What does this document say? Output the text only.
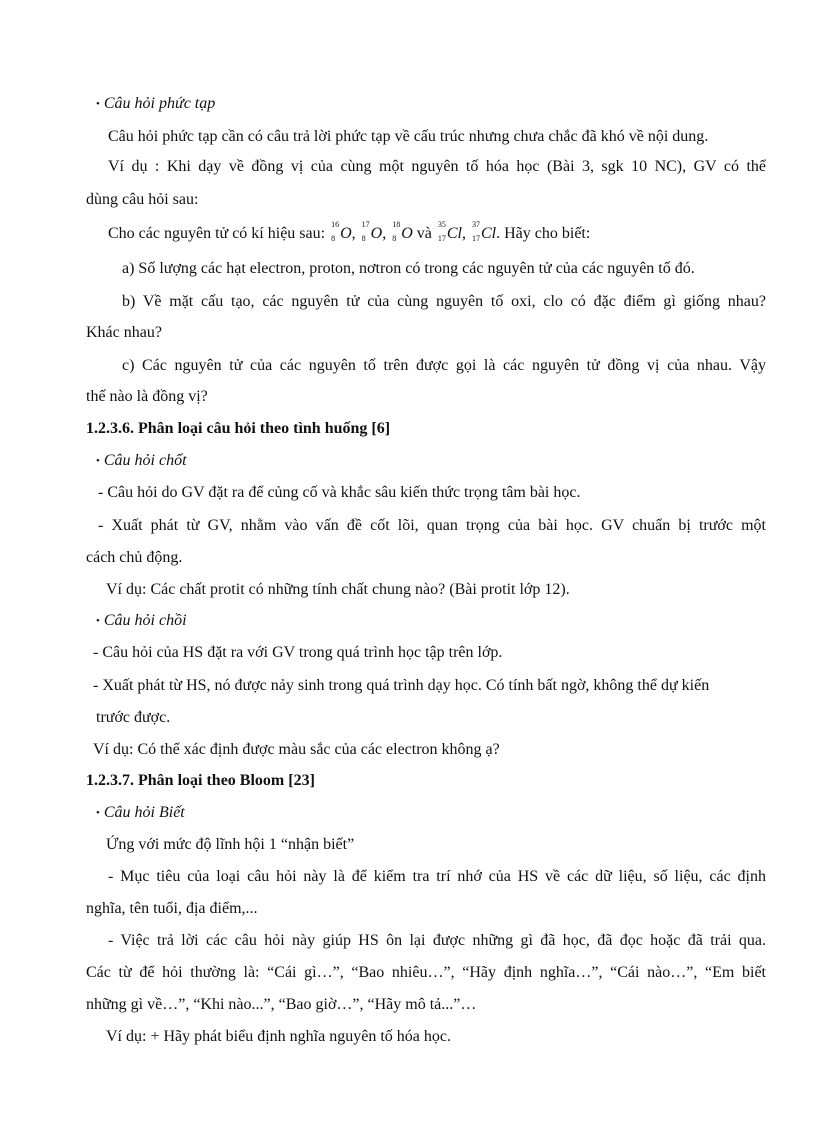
• Câu hỏi phức tạp
Câu hỏi phức tạp cần có câu trả lời phức tạp về cấu trúc nhưng chưa chắc đã khó về nội dung.
Ví dụ : Khi dạy về đồng vị của cùng một nguyên tố hóa học (Bài 3, sgk 10 NC), GV có thể
dùng câu hỏi sau:
Cho các nguyên tử có kí hiệu sau:
16
8 O,
17
8 O,
18
8 O và
35
17 Cl,
37
17 Cl. Hãy cho biết:
a) Số lượng các hạt electron, proton, nơtron có trong các nguyên tử của các nguyên tố đó.
b) Về mặt cấu tạo, các nguyên tử của cùng nguyên tố oxi, clo có đặc điểm gì giống nhau?
Khác nhau?
c) Các nguyên tử của các nguyên tố trên được gọi là các nguyên tử đồng vị của nhau. Vậy
thế nào là đồng vị?
1.2.3.6. Phân loại câu hỏi theo tình huống [6]
• Câu hỏi chốt
- Câu hỏi do GV đặt ra để củng cố và khắc sâu kiến thức trọng tâm bài học.
- Xuất phát từ GV, nhằm vào vấn đề cốt lõi, quan trọng của bài học. GV chuẩn bị trước một
cách chủ động.
Ví dụ: Các chất protit có những tính chất chung nào? (Bài protit lớp 12).
• Câu hỏi chồi
- Câu hỏi của HS đặt ra với GV trong quá trình học tập trên lớp.
- Xuất phát từ HS, nó được nảy sinh trong quá trình dạy học. Có tính bất ngờ, không thể dự kiến
trước được.
Ví dụ: Có thể xác định được màu sắc của các electron không ạ?
1.2.3.7. Phân loại theo Bloom [23]
• Câu hỏi Biết
Ứng với mức độ lĩnh hội 1 “nhận biết”
- Mục tiêu của loại câu hỏi này là để kiểm tra trí nhớ của HS về các dữ liệu, số liệu, các định
nghĩa, tên tuổi, địa điểm,...
- Việc trả lời các câu hỏi này giúp HS ôn lại được những gì đã học, đã đọc hoặc đã trải qua.
Các từ để hỏi thường là: “Cái gì…”, “Bao nhiêu…”, “Hãy định nghĩa…”, “Cái nào…”, “Em biết
những gì về…”, “Khi nào...”, “Bao giờ…”, “Hãy mô tả...”…
Ví dụ: + Hãy phát biểu định nghĩa nguyên tố hóa học.
